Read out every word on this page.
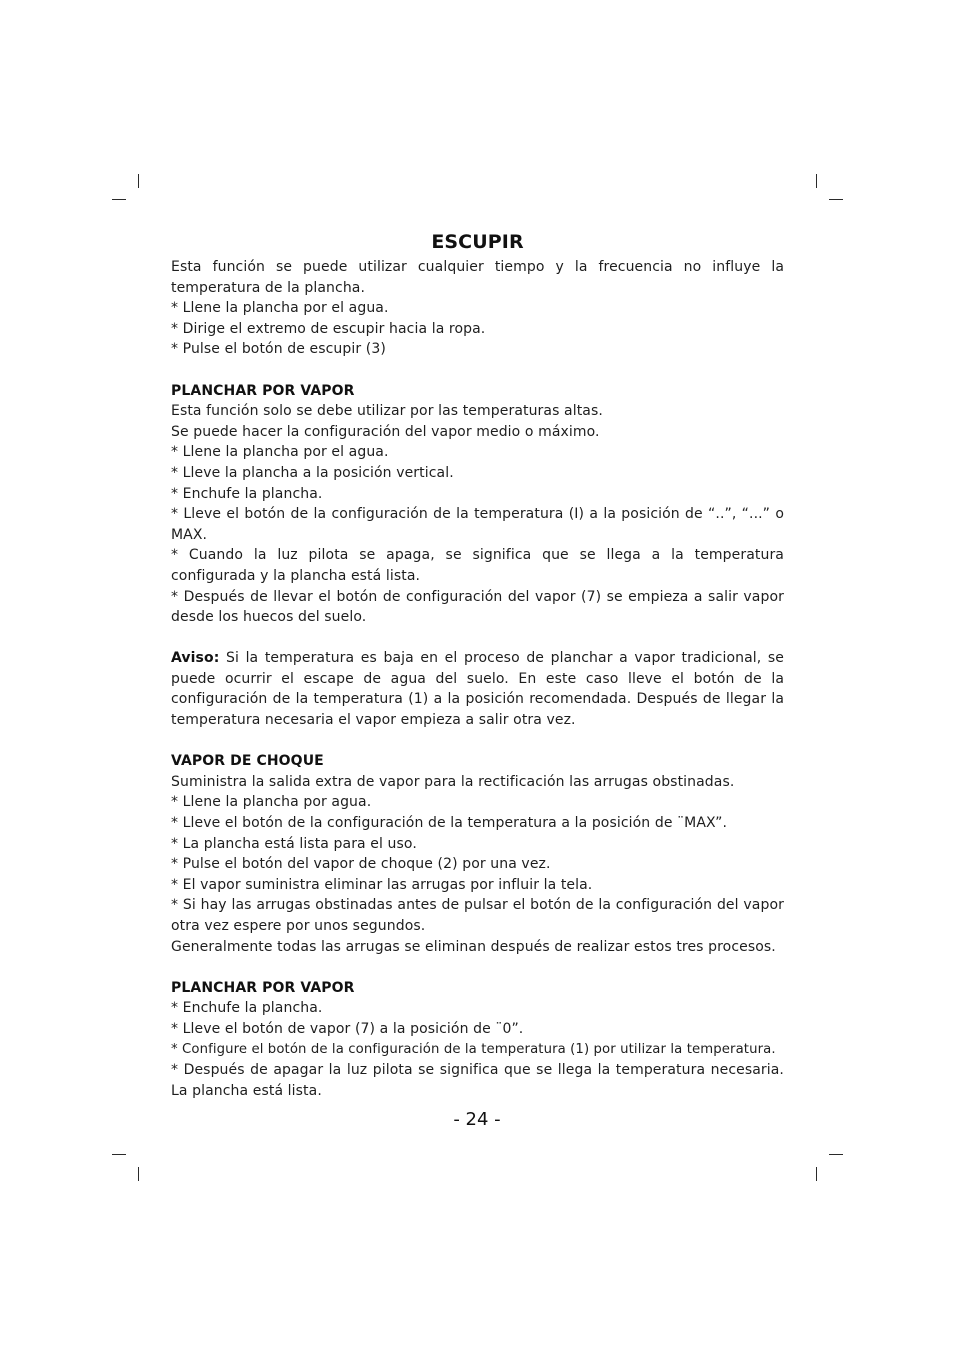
ESCUPIR

Esta función se puede utilizar cualquier tiempo y la frecuencia no influye la temperatura de la plancha.

* Llene la plancha por el agua.

* Dirige el extremo de escupir hacia la ropa.

* Pulse el botón de escupir (3)

PLANCHAR POR VAPOR

Esta función solo se debe utilizar por las temperaturas altas.

Se puede hacer la configuración del vapor medio o máximo.

* Llene la plancha por el agua.

* Lleve la plancha a la posición vertical.

* Enchufe la plancha.

* Lleve el botón de la configuración de la temperatura (I) a la posición de “..”, “...” o MAX.

* Cuando la luz pilota se apaga, se significa que se llega a la temperatura configurada y la plancha está lista.

* Después de llevar el botón de configuración del vapor (7) se empieza a salir vapor desde los huecos del suelo.

Aviso: Si la temperatura es baja en el proceso de planchar a vapor tradicional, se puede ocurrir el escape de agua del suelo. En este caso lleve el botón de la configuración de la temperatura (1) a la posición recomendada. Después de llegar la temperatura necesaria el vapor empieza a salir otra vez.

VAPOR DE CHOQUE

Suministra la salida extra de vapor para la rectificación las arrugas obstinadas.

* Llene la plancha por agua.

* Lleve el botón de la configuración de la temperatura a la posición de ¨MAX”.

* La plancha está lista para el uso.

* Pulse el botón del vapor de choque (2) por una vez.

* El vapor suministra eliminar las arrugas por influir la tela.

* Si hay las arrugas obstinadas antes de pulsar el botón de la configuración del vapor otra vez espere por unos segundos.

Generalmente todas las arrugas se eliminan después de realizar estos tres procesos.

PLANCHAR POR VAPOR

* Enchufe la plancha.

* Lleve el botón de vapor (7) a la posición de ¨0”.

* Configure el botón de la configuración de la temperatura (1) por utilizar la temperatura.

* Después de apagar la luz pilota se significa que se llega la temperatura necesaria. La plancha está lista.

- 24 -
